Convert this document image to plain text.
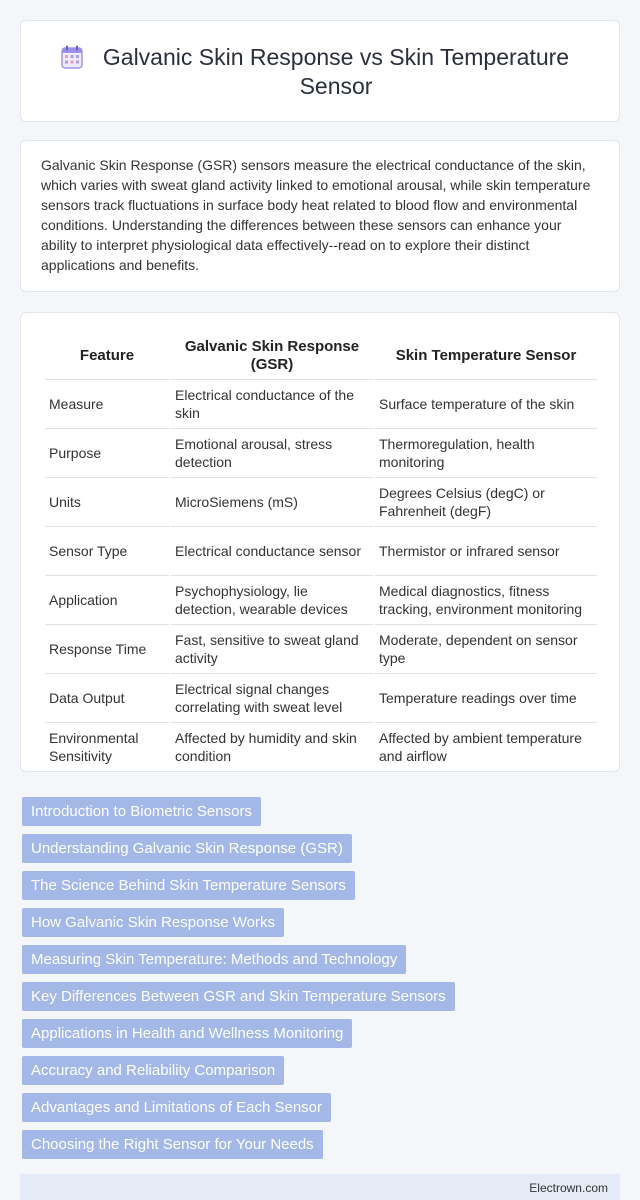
Galvanic Skin Response vs Skin Temperature Sensor

Galvanic Skin Response (GSR) sensors measure the electrical conductance of the skin, which varies with sweat gland activity linked to emotional arousal, while skin temperature sensors track fluctuations in surface body heat related to blood flow and environmental conditions. Understanding the differences between these sensors can enhance your ability to interpret physiological data effectively--read on to explore their distinct applications and benefits.

Feature	Galvanic Skin Response (GSR)	Skin Temperature Sensor
Measure	Electrical conductance of the skin	Surface temperature of the skin
Purpose	Emotional arousal, stress detection	Thermoregulation, health monitoring
Units	MicroSiemens (mS)	Degrees Celsius (degC) or Fahrenheit (degF)
Sensor Type	Electrical conductance sensor	Thermistor or infrared sensor
Application	Psychophysiology, lie detection, wearable devices	Medical diagnostics, fitness tracking, environment monitoring
Response Time	Fast, sensitive to sweat gland activity	Moderate, dependent on sensor type
Data Output	Electrical signal changes correlating with sweat level	Temperature readings over time
Environmental Sensitivity	Affected by humidity and skin condition	Affected by ambient temperature and airflow
Introduction to Biometric Sensors
Understanding Galvanic Skin Response (GSR)
The Science Behind Skin Temperature Sensors
How Galvanic Skin Response Works
Measuring Skin Temperature: Methods and Technology
Key Differences Between GSR and Skin Temperature Sensors
Applications in Health and Wellness Monitoring
Accuracy and Reliability Comparison
Advantages and Limitations of Each Sensor
Choosing the Right Sensor for Your Needs
Electrown.com
